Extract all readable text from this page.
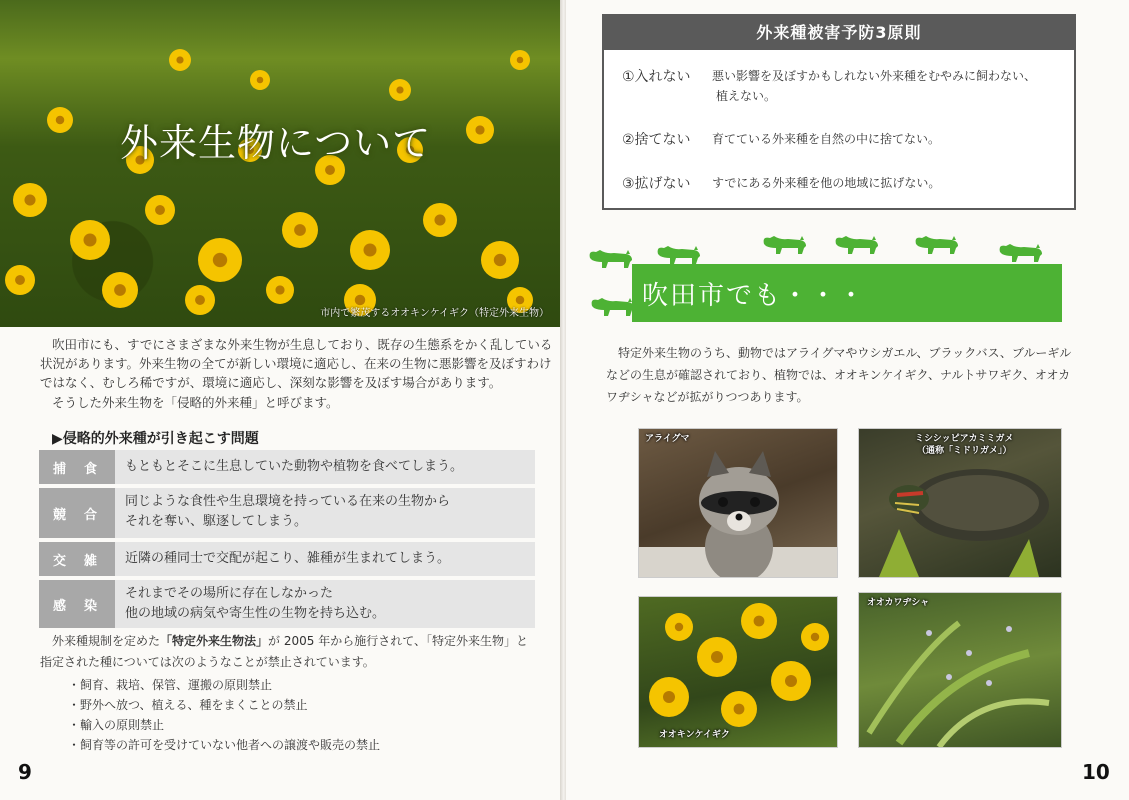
外来生物について
市内で繁茂するオオキンケイギク（特定外来生物）
吹田市にも、すでにさまざまな外来生物が生息しており、既存の生態系をかく乱している
状況があります。外来生物の全てが新しい環境に適応し、在来の生物に悪影響を及ぼすわけ
ではなく、むしろ稀ですが、環境に適応し、深刻な影響を及ぼす場合があります。
そうした外来生物を「侵略的外来種」と呼びます。
▶侵略的外来種が引き起こす問題
捕食 もともとそこに生息していた動物や植物を食べてしまう。
競合
同じような食性や生息環境を持っている在来の生物から
それを奪い、駆逐してしまう。
交雑 近隣の種同士で交配が起こり、雑種が生まれてしまう。
感染
それまでその場所に存在しなかった
他の地域の病気や寄生性の生物を持ち込む。
外来種規制を定めた「特定外来生物法」が 2005 年から施行されて、「特定外来生物」と
指定された種については次のようなことが禁止されています。
・飼育、栽培、保管、運搬の原則禁止
・野外へ放つ、植える、種をまくことの禁止
・輸入の原則禁止
・飼育等の許可を受けていない他者への譲渡や販売の禁止
9
外来種被害予防3原則
①入れない 悪い影響を及ぼすかもしれない外来種をむやみに飼わない、
植えない。
②捨てない 育てている外来種を自然の中に捨てない。
③拡げない すでにある外来種を他の地域に拡げない。
吹田市でも・・・
特定外来生物のうち、動物ではアライグマやウシガエル、ブラックバス、ブルーギル
などの生息が確認されており、植物では、オオキンケイギク、ナルトサワギク、オオカ
ワヂシャなどが拡がりつつあります。
アライグマ	ミシシッピアカミミガメ
（通称「ミドリガメ」）
オオキンケイギク
オオカワヂシャ
10
